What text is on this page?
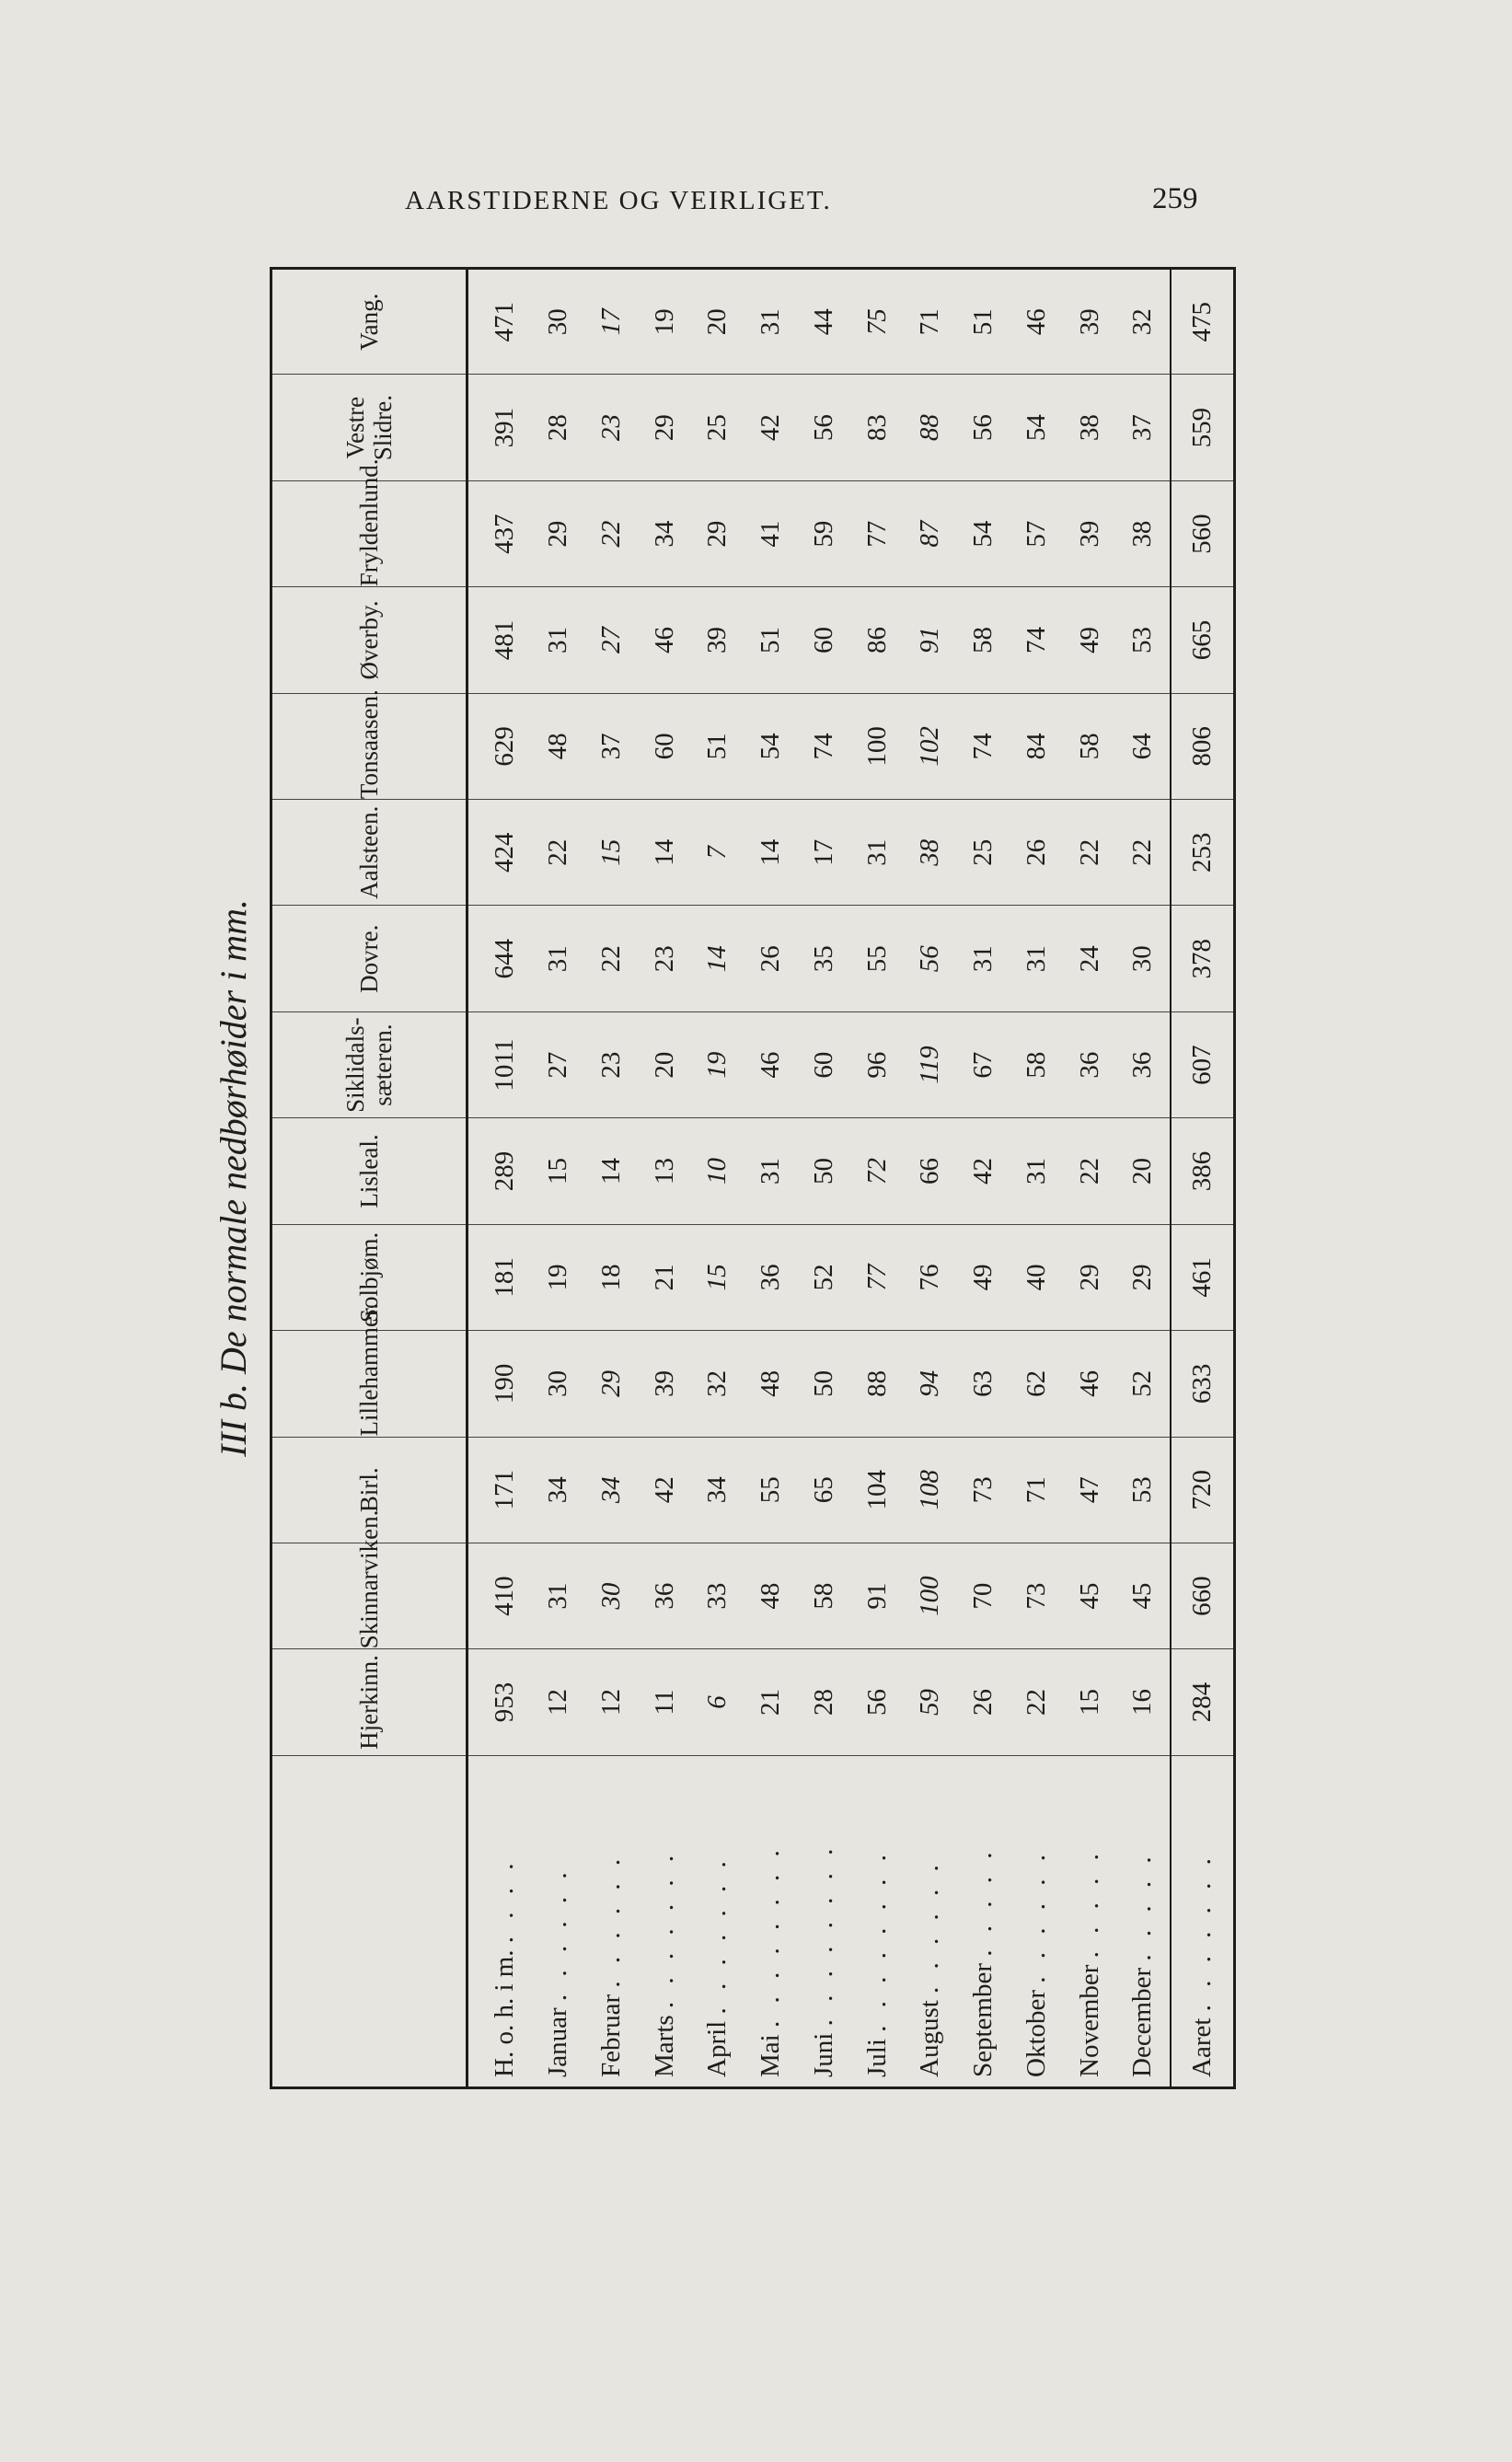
AARSTIDERNE OG VEIRLIGET.	259
III b. De normale nedbørhøider i mm.
	Hjerkinn.	Skinnarviken.	Birl.	Lillehammer.	Solbjøm.	Lisleal.	Siklidals-sæteren.	Dovre.	Aalsteen.	Tonsaasen.	Øverby.	Fryldenlund.	Vestre Slidre.	Vang.
H. o. h. i m. . . . .	953	410	171	190	181	289	1011	644	424	629	481	437	391	471
Januar . . . . . .	12	31	34	30	19	15	27	31	22	48	31	29	28	30
Februar . . . . . .	12	30	34	29	18	14	23	22	15	37	27	22	23	17
Marts . . . . . . .	11	36	42	39	21	13	20	23	14	60	46	34	29	19
April . . . . . . .	6	33	34	32	15	10	19	14	7	51	39	29	25	20
Mai . . . . . . . .	21	48	55	48	36	31	46	26	14	54	51	41	42	31
Juni . . . . . . . .	28	58	65	50	52	50	60	35	17	74	60	59	56	44
Juli . . . . . . . .	56	91	104	88	77	72	96	55	31	100	86	77	83	75
August . . . . . .	59	100	108	94	76	66	119	56	38	102	91	87	88	71
September . . . . .	26	70	73	63	49	42	67	31	25	74	58	54	56	51
Oktober . . . . . .	22	73	71	62	40	31	58	31	26	84	74	57	54	46
November . . . . .	15	45	47	46	29	22	36	24	22	58	49	39	38	39
December . . . . .	16	45	53	52	29	20	36	30	22	64	53	38	37	32
Aaret . . . . . . .	284	660	720	633	461	386	607	378	253	806	665	560	559	475
